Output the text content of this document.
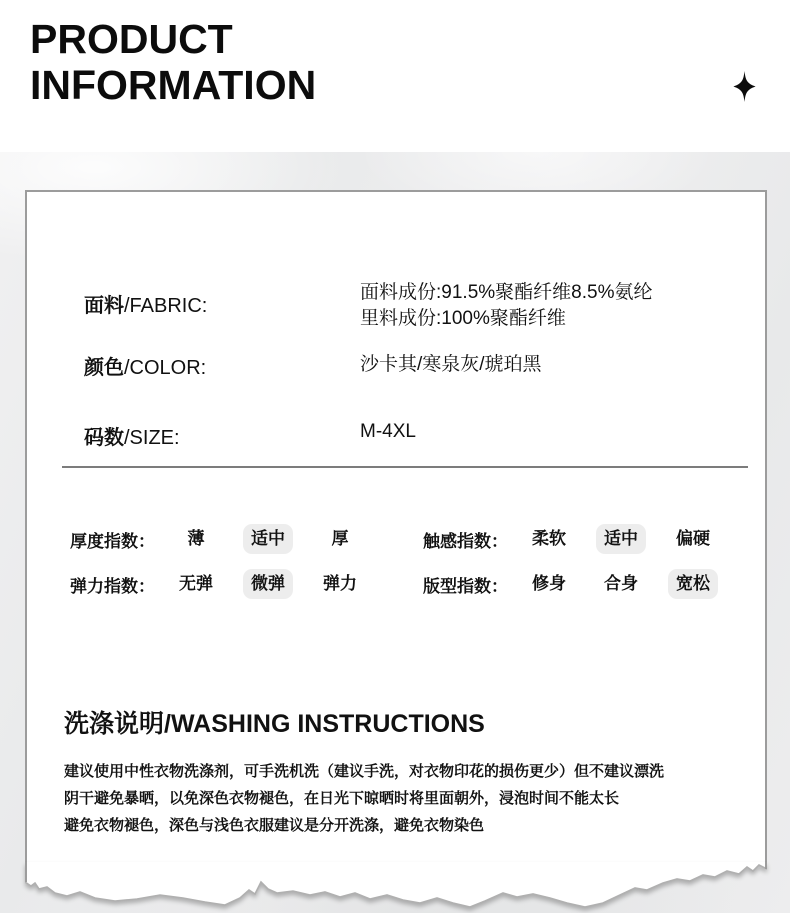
PRODUCT
INFORMATION
面料/FABRIC:
面料成份:91.5%聚酯纤维8.5%氨纶
里料成份:100%聚酯纤维
颜色/COLOR:	沙卡其/寒泉灰/琥珀黑
码数/SIZE:	M-4XL
厚度指数：	薄	适中	厚	触感指数：	柔软	适中	偏硬
弹力指数：	无弹	微弹	弹力	版型指数：	修身	合身	宽松
洗涤说明/WASHING INSTRUCTIONS
建议使用中性衣物洗涤剂，可手洗机洗（建议手洗，对衣物印花的损伤更少）但不建议漂洗
阴干避免暴晒，以免深色衣物褪色，在日光下晾晒时将里面朝外，浸泡时间不能太长
避免衣物褪色，深色与浅色衣服建议是分开洗涤，避免衣物染色
